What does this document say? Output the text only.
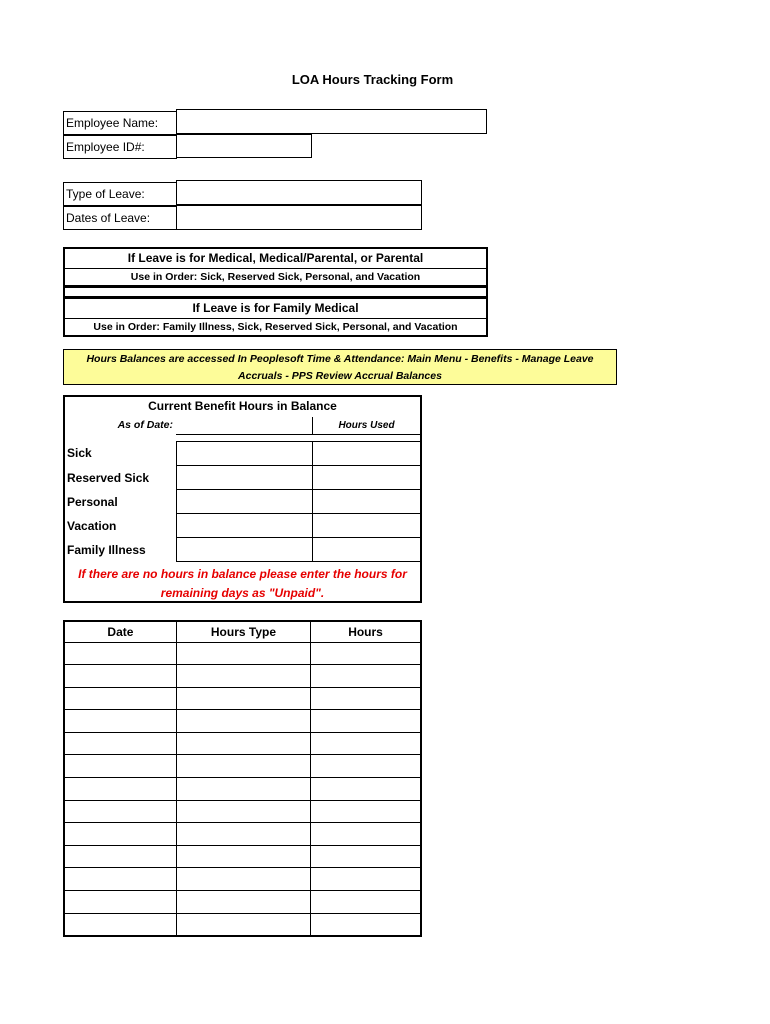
LOA Hours Tracking Form
Employee Name:
Employee ID#:
Type of Leave:
Dates of Leave:
If Leave is for Medical, Medical/Parental, or Parental
Use in Order: Sick, Reserved Sick, Personal, and Vacation
If Leave is for Family Medical
Use in Order: Family Illness, Sick, Reserved Sick, Personal, and Vacation
Hours Balances are accessed In Peoplesoft Time & Attendance: Main Menu - Benefits - Manage Leave
Accruals - PPS Review Accrual Balances
Current Benefit Hours in Balance
As of Date:	Hours Used
Sick
Reserved Sick
Personal
Vacation
Family Illness
If there are no hours in balance please enter the hours for
remaining days as "Unpaid".
Date	Hours Type	Hours
